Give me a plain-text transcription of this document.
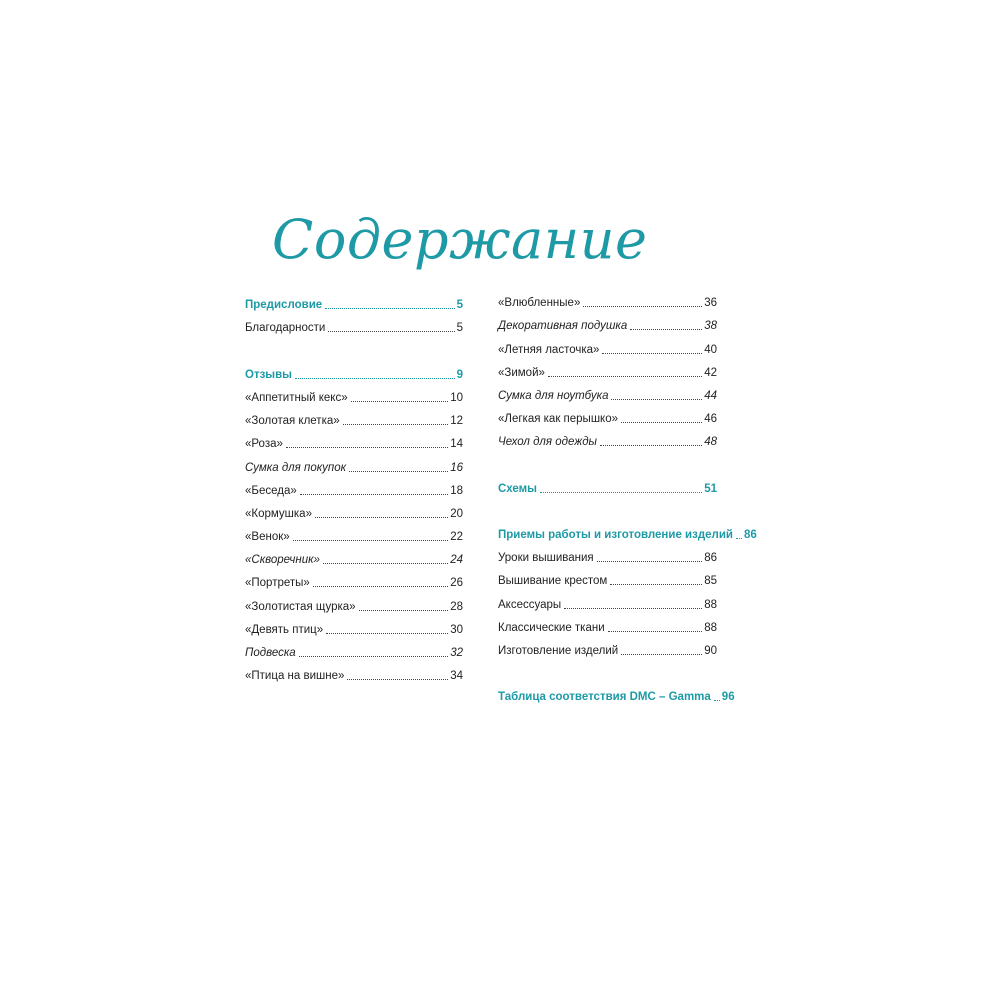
Содержание
Предисловие	5
Благодарности	5
Отзывы	9
«Аппетитный кекс»	10
«Золотая клетка»	12
«Роза»	14
Сумка для покупок	16
«Беседа»	18
«Кормушка»	20
«Венок»	22
«Скворечник»	24
«Портреты»	26
«Золотистая щурка»	28
«Девять птиц»	30
Подвеска	32
«Птица на вишне»	34
«Влюбленные»	36
Декоративная подушка	38
«Летняя ласточка»	40
«Зимой»	42
Сумка для ноутбука	44
«Легкая как перышко»	46
Чехол для одежды	48
Схемы	51
Приемы работы и изготовление изделий 86
Уроки вышивания	86
Вышивание крестом	85
Аксессуары	88
Классические ткани	88
Изготовление изделий	90
Таблица соответствия DMC – Gamma 96
